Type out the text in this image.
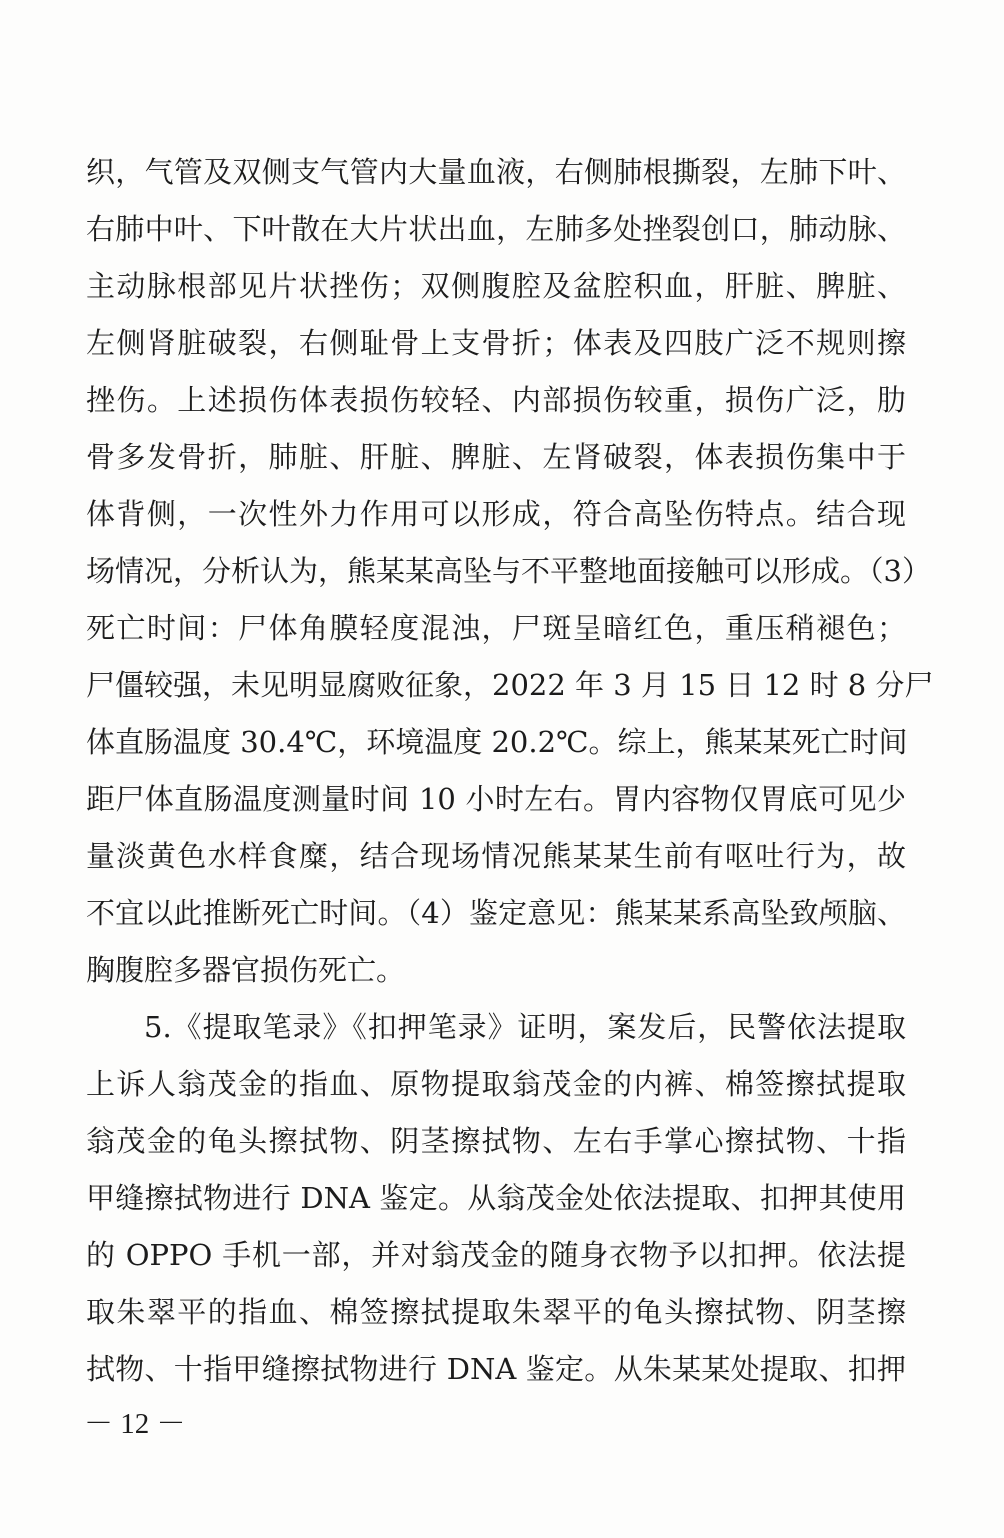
织，气管及双侧支气管内大量血液，右侧肺根撕裂，左肺下叶、
右肺中叶、下叶散在大片状出血，左肺多处挫裂创口，肺动脉、
主动脉根部见片状挫伤；双侧腹腔及盆腔积血，肝脏、脾脏、
左侧肾脏破裂，右侧耻骨上支骨折；体表及四肢广泛不规则擦
挫伤。上述损伤体表损伤较轻、内部损伤较重，损伤广泛，肋
骨多发骨折，肺脏、肝脏、脾脏、左肾破裂，体表损伤集中于
体背侧，一次性外力作用可以形成，符合高坠伤特点。结合现
场情况，分析认为，熊某某高坠与不平整地面接触可以形成。（3）
死亡时间：尸体角膜轻度混浊，尸斑呈暗红色，重压稍褪色；
尸僵较强，未见明显腐败征象，2022 年 3 月 15 日 12 时 8 分尸
体直肠温度 30.4℃，环境温度 20.2℃。综上，熊某某死亡时间
距尸体直肠温度测量时间 10 小时左右。胃内容物仅胃底可见少
量淡黄色水样食糜，结合现场情况熊某某生前有呕吐行为，故
不宜以此推断死亡时间。（4）鉴定意见：熊某某系高坠致颅脑、
胸腹腔多器官损伤死亡。
5.《提取笔录》《扣押笔录》证明，案发后，民警依法提取
上诉人翁茂金的指血、原物提取翁茂金的内裤、棉签擦拭提取
翁茂金的龟头擦拭物、阴茎擦拭物、左右手掌心擦拭物、十指
甲缝擦拭物进行 DNA 鉴定。从翁茂金处依法提取、扣押其使用
的 OPPO 手机一部，并对翁茂金的随身衣物予以扣押。依法提
取朱翠平的指血、棉签擦拭提取朱翠平的龟头擦拭物、阴茎擦
拭物、十指甲缝擦拭物进行 DNA 鉴定。从朱某某处提取、扣押
－ 12 －
